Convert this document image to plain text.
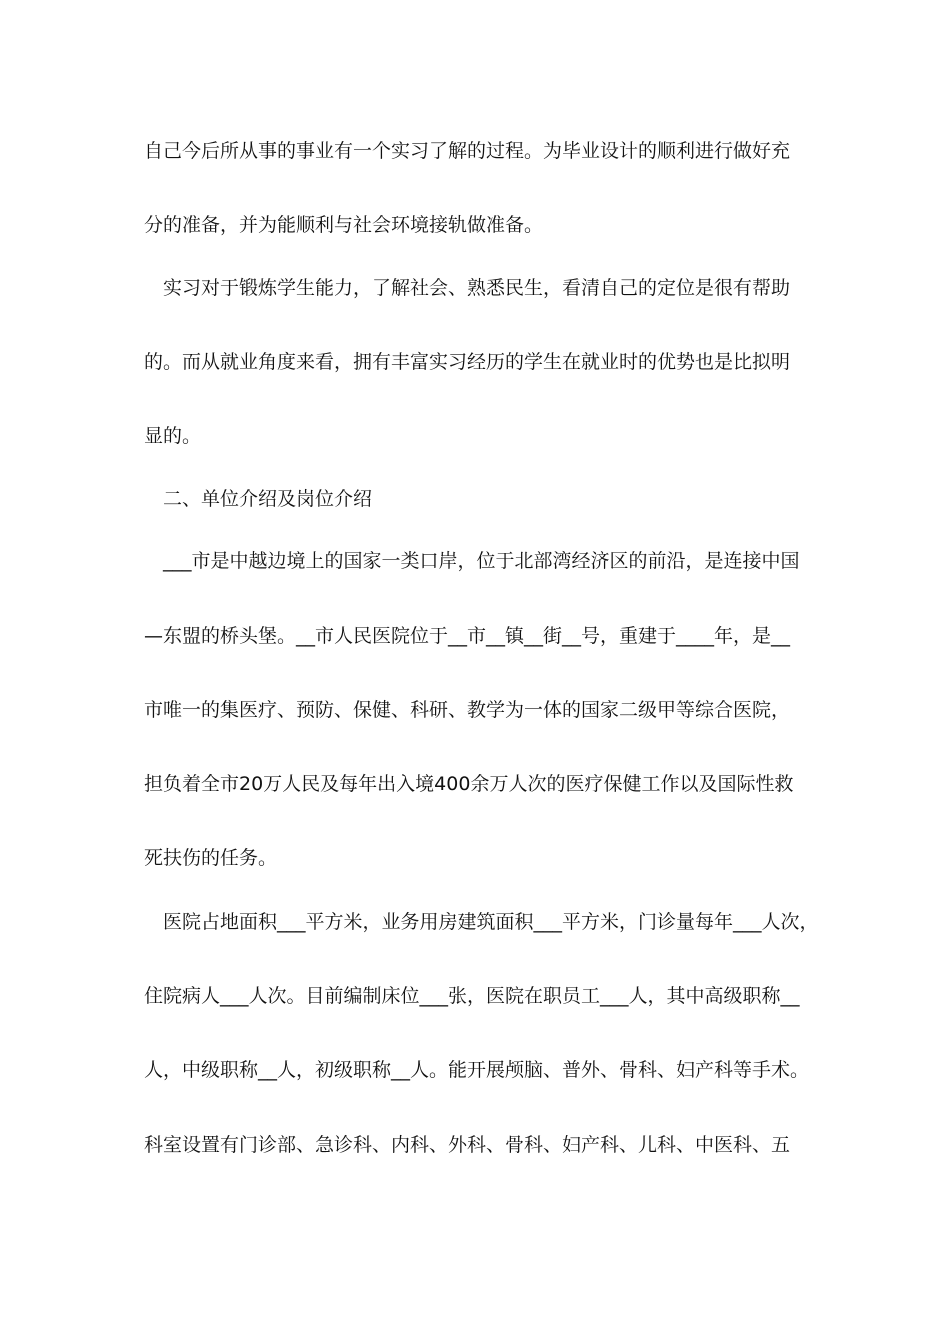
自己今后所从事的事业有一个实习了解的过程。为毕业设计的顺利进行做好充
分的准备，并为能顺利与社会环境接轨做准备。
　实习对于锻炼学生能力，了解社会、熟悉民生，看清自己的定位是很有帮助
的。而从就业角度来看，拥有丰富实习经历的学生在就业时的优势也是比拟明
显的。
　二、单位介绍及岗位介绍
　___市是中越边境上的国家一类口岸，位于北部湾经济区的前沿，是连接中国
—东盟的桥头堡。__市人民医院位于__市__镇__街__号，重建于____年，是__
市唯一的集医疗、预防、保健、科研、教学为一体的国家二级甲等综合医院，
担负着全市20万人民及每年出入境400余万人次的医疗保健工作以及国际性救
死扶伤的任务。
　医院占地面积___平方米，业务用房建筑面积___平方米，门诊量每年___人次，
住院病人___人次。目前编制床位___张，医院在职员工___人，其中高级职称__
人，中级职称__人，初级职称__人。能开展颅脑、普外、骨科、妇产科等手术。
科室设置有门诊部、急诊科、内科、外科、骨科、妇产科、儿科、中医科、五
